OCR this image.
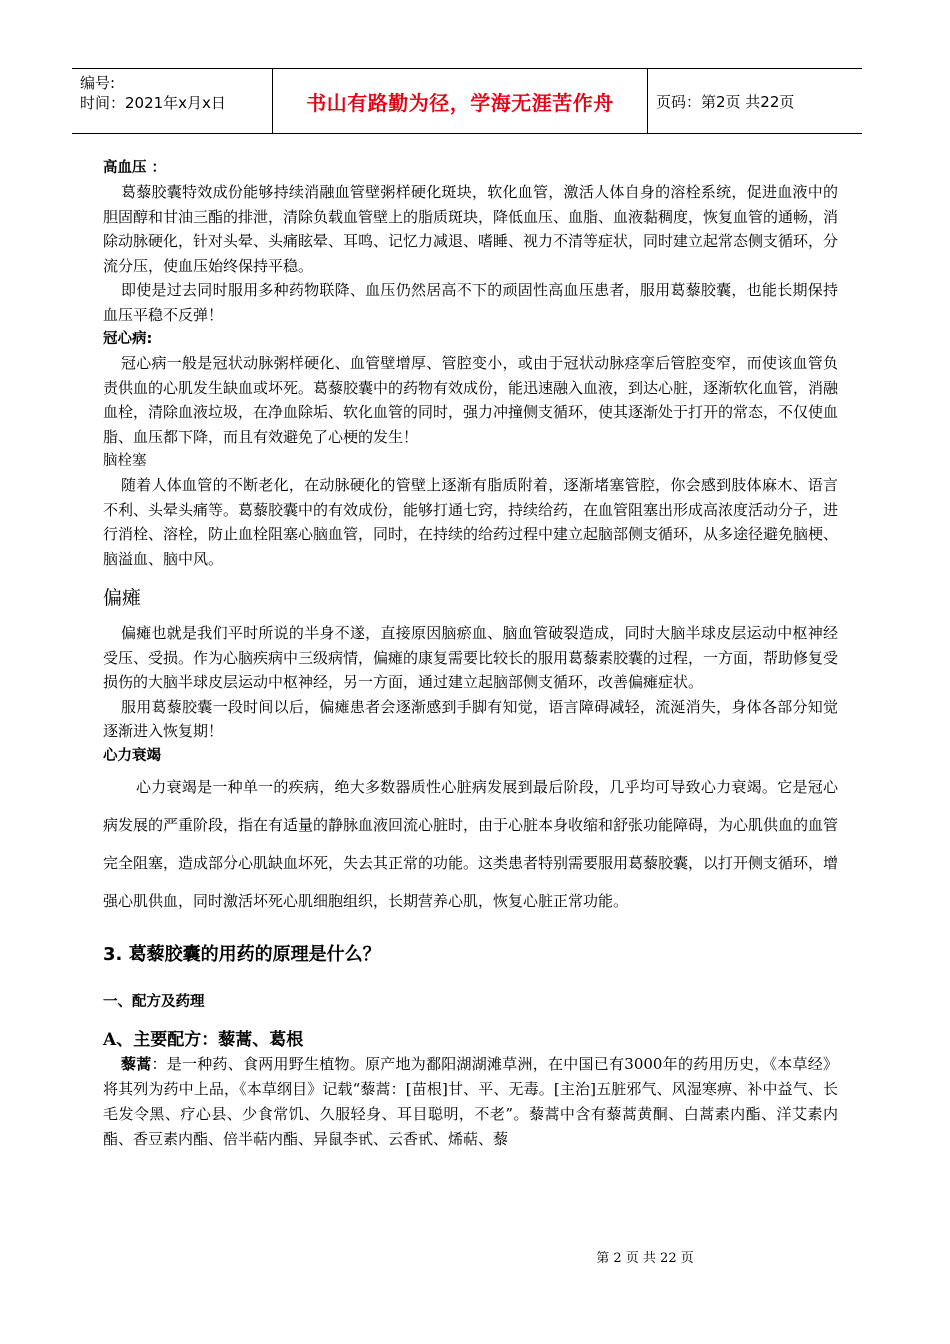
编号:
时间：2021年x月x日	书山有路勤为径，学海无涯苦作舟	页码：第2页 共22页
高血压 ：

葛藜胶囊特效成份能够持续消融血管壁粥样硬化斑块，软化血管，激活人体自身的溶栓系统，促进血液中的胆固醇和甘油三酯的排泄，清除负载血管壁上的脂质斑块，降低血压、血脂、血液黏稠度，恢复血管的通畅，消除动脉硬化，针对头晕、头痛眩晕、耳鸣、记忆力减退、嗜睡、视力不清等症状，同时建立起常态侧支循环，分流分压，使血压始终保持平稳。

即使是过去同时服用多种药物联降、血压仍然居高不下的顽固性高血压患者，服用葛藜胶囊，也能长期保持血压平稳不反弹！

冠心病:

冠心病一般是冠状动脉粥样硬化、血管壁增厚、管腔变小，或由于冠状动脉痉挛后管腔变窄，而使该血管负责供血的心肌发生缺血或坏死。葛藜胶囊中的药物有效成份，能迅速融入血液，到达心脏，逐渐软化血管，消融血栓，清除血液垃圾，在净血除垢、软化血管的同时，强力冲撞侧支循环，使其逐渐处于打开的常态，不仅使血脂、血压都下降，而且有效避免了心梗的发生！

脑栓塞

随着人体血管的不断老化，在动脉硬化的管壁上逐渐有脂质附着，逐渐堵塞管腔，你会感到肢体麻木、语言不利、头晕头痛等。葛藜胶囊中的有效成份，能够打通七窍，持续给药，在血管阻塞出形成高浓度活动分子，进行消栓、溶栓，防止血栓阻塞心脑血管，同时，在持续的给药过程中建立起脑部侧支循环，从多途径避免脑梗、脑溢血、脑中风。

偏瘫

偏瘫也就是我们平时所说的半身不遂，直接原因脑瘀血、脑血管破裂造成，同时大脑半球皮层运动中枢神经受压、受损。作为心脑疾病中三级病情，偏瘫的康复需要比较长的服用葛藜素胶囊的过程，一方面，帮助修复受损伤的大脑半球皮层运动中枢神经，另一方面，通过建立起脑部侧支循环，改善偏瘫症状。

服用葛藜胶囊一段时间以后，偏瘫患者会逐渐感到手脚有知觉，语言障碍减轻，流涎消失，身体各部分知觉逐渐进入恢复期！

心力衰竭

心力衰竭是一种单一的疾病，绝大多数器质性心脏病发展到最后阶段，几乎均可导致心力衰竭。它是冠心病发展的严重阶段，指在有适量的静脉血液回流心脏时，由于心脏本身收缩和舒张功能障碍，为心肌供血的血管完全阻塞，造成部分心肌缺血坏死，失去其正常的功能。这类患者特别需要服用葛藜胶囊，以打开侧支循环，增强心肌供血，同时激活坏死心肌细胞组织，长期营养心肌，恢复心脏正常功能。

3. 葛藜胶囊的用药的原理是什么？
一、配方及药理
A、主要配方：藜蒿、葛根

藜蒿：是一种药、食两用野生植物。原产地为鄱阳湖湖滩草洲，在中国已有3000年的药用历史，《本草经》将其列为药中上品，《本草纲目》记载“藜蒿：[苗根]甘、平、无毒。[主治]五脏邪气、风湿寒痹、补中益气、长毛发令黑、疗心县、少食常饥、久服轻身、耳目聪明，不老”。藜蒿中含有藜蒿黄酮、白蒿素内酯、洋艾素内酯、香豆素内酯、倍半萜内酯、异鼠李甙、云香甙、烯萜、藜

第 2 页 共 22 页
